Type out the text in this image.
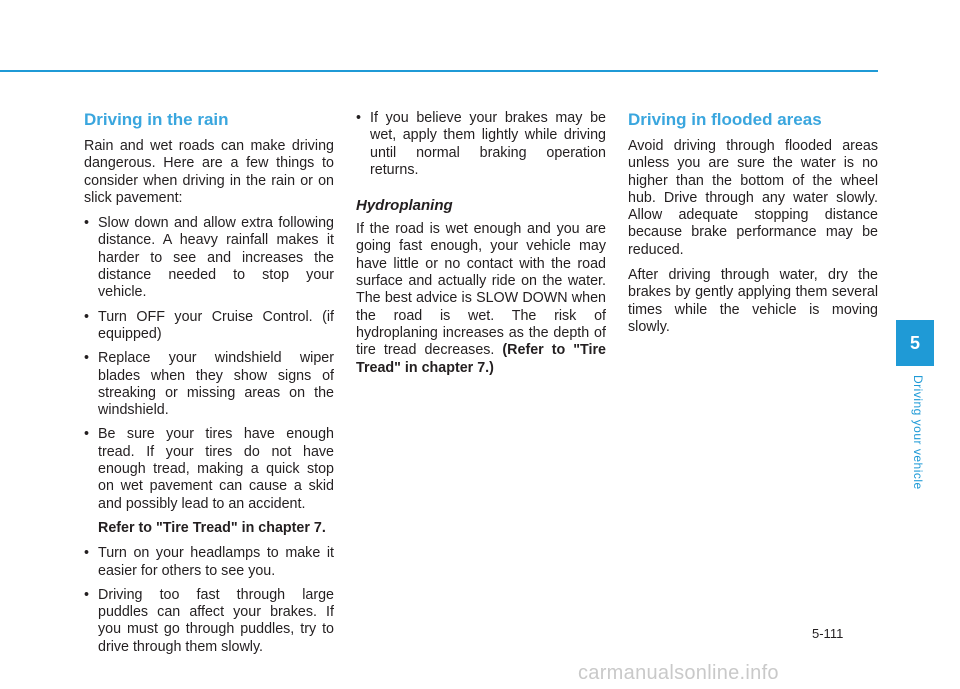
Driving in the rain

Rain and wet roads can make driving dangerous. Here are a few things to consider when driving in the rain or on slick pavement:

• Slow down and allow extra following distance. A heavy rainfall makes it harder to see and increases the distance needed to stop your vehicle.
• Turn OFF your Cruise Control. (if equipped)
• Replace your windshield wiper blades when they show signs of streaking or missing areas on the windshield.
• Be sure your tires have enough tread. If your tires do not have enough tread, making a quick stop on wet pavement can cause a skid and possibly lead to an accident.

Refer to "Tire Tread" in chapter 7.

• Turn on your headlamps to make it easier for others to see you.
• Driving too fast through large puddles can affect your brakes. If you must go through puddles, try to drive through them slowly.
• If you believe your brakes may be wet, apply them lightly while driving until normal braking operation returns.
Hydroplaning

If the road is wet enough and you are going fast enough, your vehicle may have little or no contact with the road surface and actually ride on the water. The best advice is SLOW DOWN when the road is wet. The risk of hydroplaning increases as the depth of tire tread decreases. (Refer to "Tire Tread" in chapter 7.)

Driving in flooded areas

Avoid driving through flooded areas unless you are sure the water is no higher than the bottom of the wheel hub. Drive through any water slowly. Allow adequate stopping distance because brake performance may be reduced.

After driving through water, dry the brakes by gently applying them several times while the vehicle is moving slowly.

5
Driving your vehicle
5-111
carmanualsonline.info
